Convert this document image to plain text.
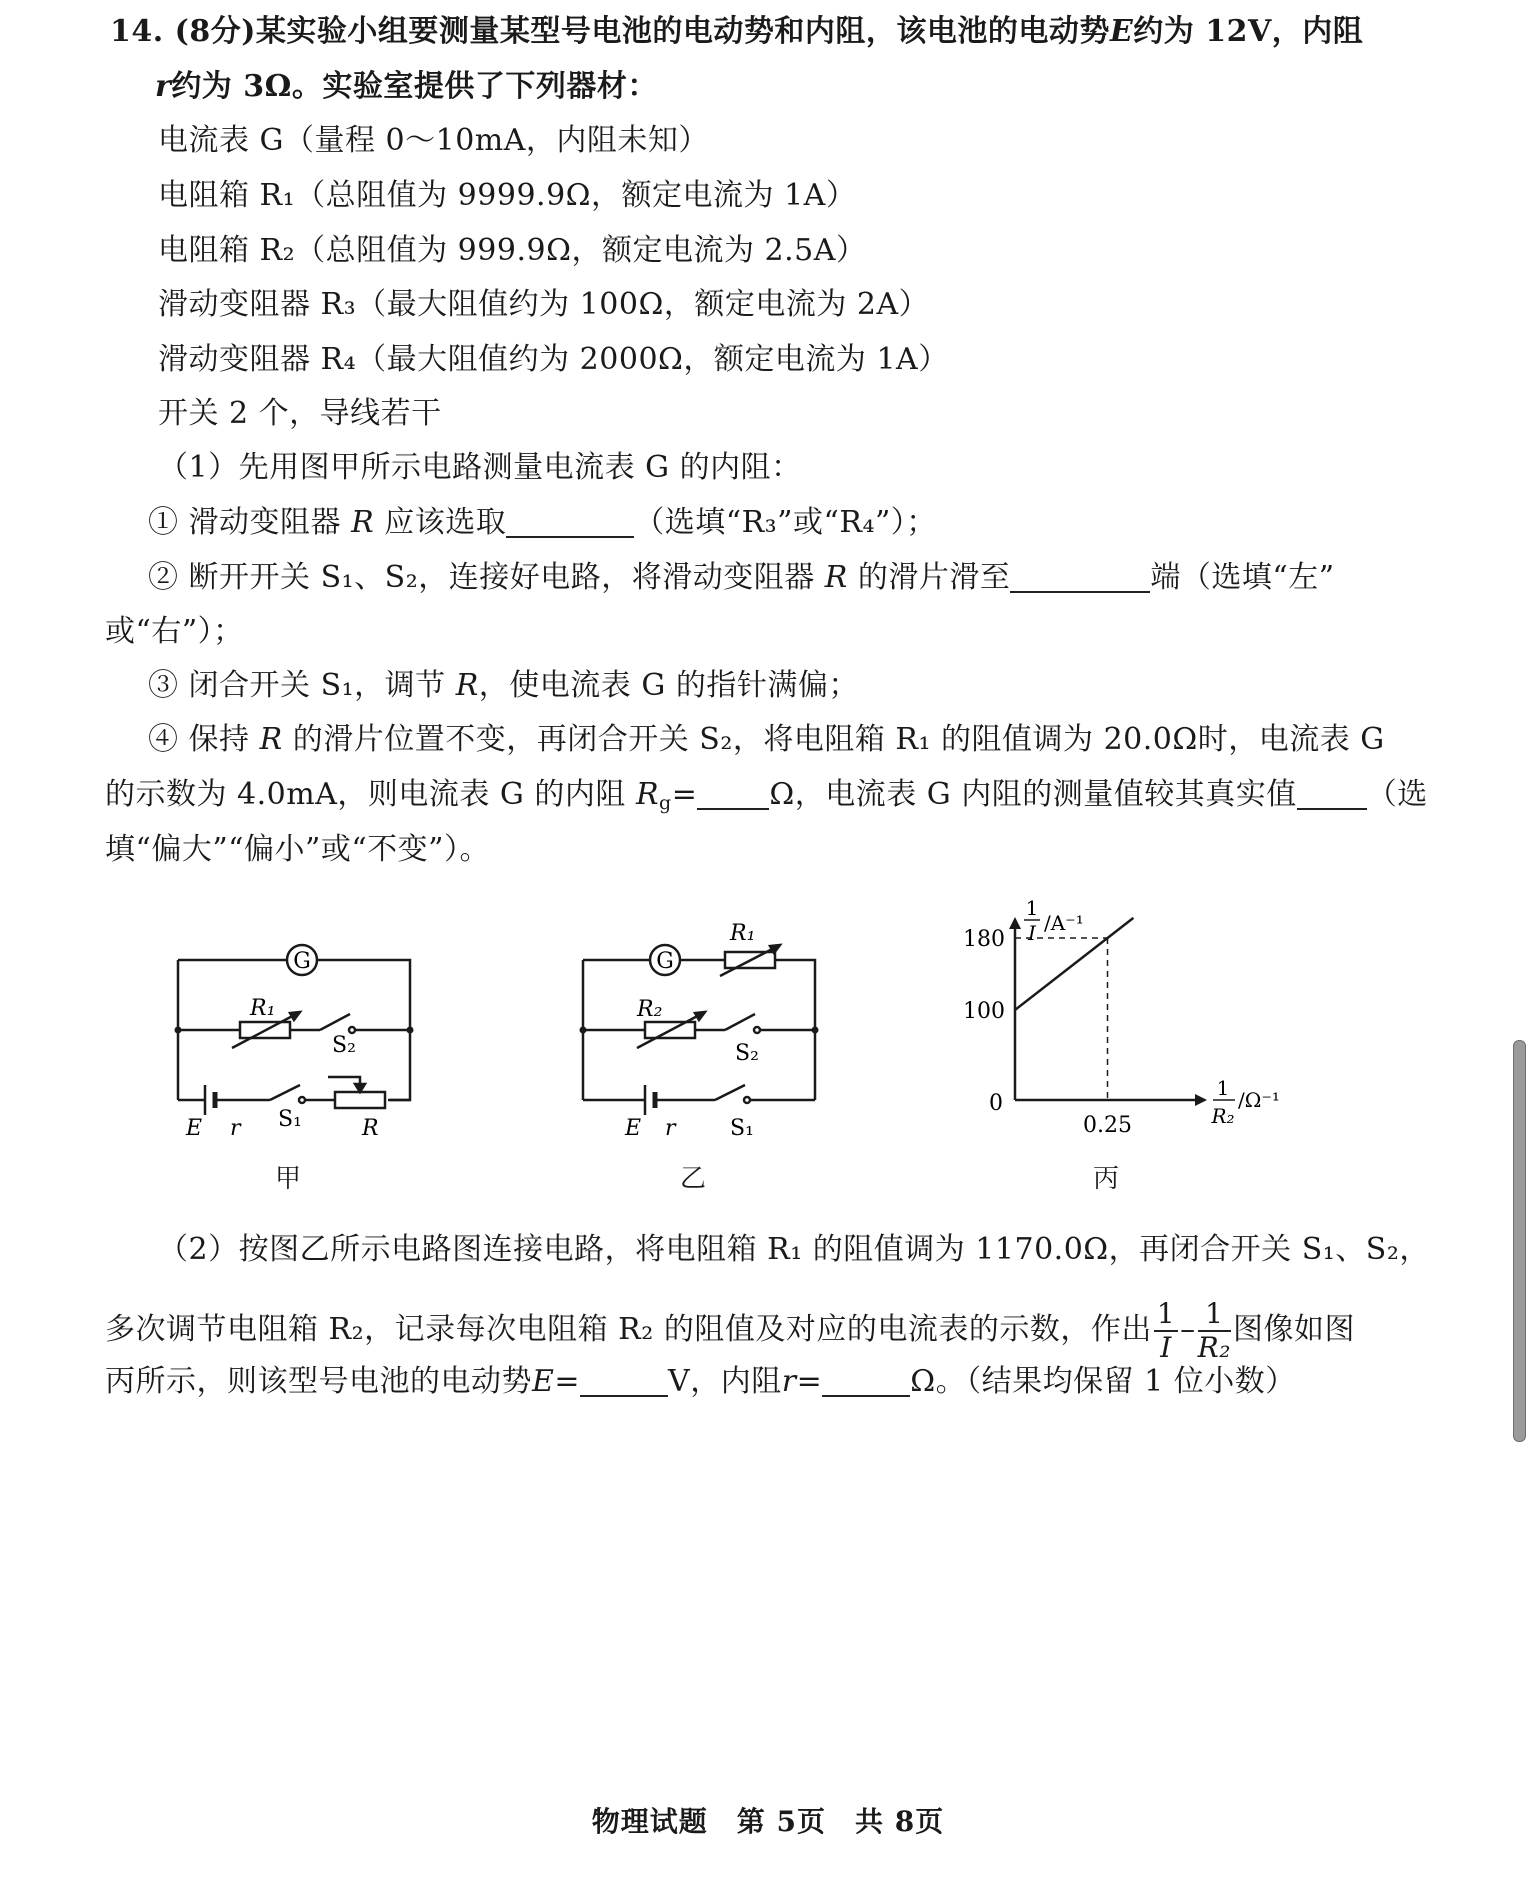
14. (8分)某实验小组要测量某型号电池的电动势和内阻，该电池的电动势E约为 12V，内阻
r约为 3Ω。实验室提供了下列器材：
电流表 G（量程 0～10mA，内阻未知）
电阻箱 R₁（总阻值为 9999.9Ω，额定电流为 1A）
电阻箱 R₂（总阻值为 999.9Ω，额定电流为 2.5A）
滑动变阻器 R₃（最大阻值约为 100Ω，额定电流为 2A）
滑动变阻器 R₄（最大阻值约为 2000Ω，额定电流为 1A）
开关 2 个，导线若干
（1）先用图甲所示电路测量电流表 G 的内阻：
① 滑动变阻器 R 应该选取	（选填“R₃”或“R₄”）；
② 断开开关 S₁、S₂，连接好电路，将滑动变阻器 R 的滑片滑至	端（选填“左”
或“右”）；
③ 闭合开关 S₁，调节 R，使电流表 G 的指针满偏；
④ 保持 R 的滑片位置不变，再闭合开关 S₂，将电阻箱 R₁ 的阻值调为 20.0Ω时，电流表 G
的示数为 4.0mA，则电流表 G 的内阻 $R_g= \Omega$，电流表 G 内阻的测量值较其真实值 （选
填“偏大”“偏小”或“不变”）。
G
R₁
S₂
E r S₁	R
甲
G
R₁
R₂
S₂
E r S₁
乙
100
180
0.25
0
1
I /A⁻¹
1
R₂
/Ω⁻¹
丙
（2）按图乙所示电路图连接电路，将电阻箱 R₁ 的阻值调为 1170.0Ω，再闭合开关 S₁、S₂，
多次调节电阻箱 R₂，记录每次电阻箱 R₂ 的阻值及对应的电流表的示数，作出 $\frac{1}{I} - \frac{1}{\text{R₂}}$ 图像如图
丙所示，则该型号电池的电动势E=	V，内阻r=	Ω。（结果均保留 1 位小数）
物理试题　第 5页　共 8页
